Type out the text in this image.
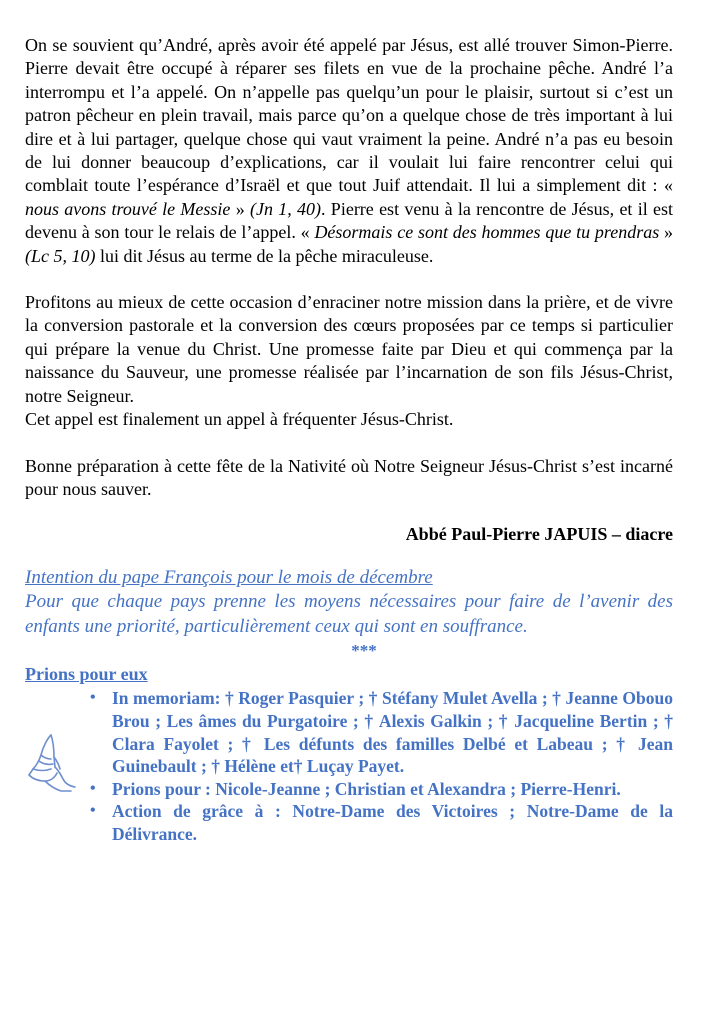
On se souvient qu’André, après avoir été appelé par Jésus, est allé trouver Simon-Pierre. Pierre devait être occupé à réparer ses filets en vue de la prochaine pêche. André l’a interrompu et l’a appelé. On n’appelle pas quelqu’un pour le plaisir, surtout si c’est un patron pêcheur en plein travail, mais parce qu’on a quelque chose de très important à lui dire et à lui partager, quelque chose qui vaut vraiment la peine. André n’a pas eu besoin de lui donner beaucoup d’explications, car il voulait lui faire rencontrer celui qui comblait toute l’espérance d’Israël et que tout Juif attendait. Il lui a simplement dit : « nous avons trouvé le Messie » (Jn 1, 40). Pierre est venu à la rencontre de Jésus, et il est devenu à son tour le relais de l’appel. « Désormais ce sont des hommes que tu prendras » (Lc 5, 10) lui dit Jésus au terme de la pêche miraculeuse.

Profitons au mieux de cette occasion d’enraciner notre mission dans la prière, et de vivre la conversion pastorale et la conversion des cœurs proposées par ce temps si particulier qui prépare la venue du Christ. Une promesse faite par Dieu et qui commença par la naissance du Sauveur, une promesse réalisée par l’incarnation de son fils Jésus-Christ, notre Seigneur.

Cet appel est finalement un appel à fréquenter Jésus-Christ.

Bonne préparation à cette fête de la Nativité où Notre Seigneur Jésus-Christ s’est incarné pour nous sauver.

Abbé Paul-Pierre JAPUIS – diacre
Intention du pape François pour le mois de décembre

Pour que chaque pays prenne les moyens nécessaires pour faire de l’avenir des enfants une priorité, particulièrement ceux qui sont en souffrance.

***
Prions pour eux
• In memoriam: † Roger Pasquier ; † Stéfany Mulet Avella ; † Jeanne Obouo Brou ; Les âmes du Purgatoire ; † Alexis Galkin ; † Jacqueline Bertin ; † Clara Fayolet ; † Les défunts des familles Delbé et Labeau ; † Jean Guinebault ; † Hélène et† Luçay Payet.
• Prions pour : Nicole-Jeanne ; Christian et Alexandra ; Pierre-Henri.
• Action de grâce à : Notre-Dame des Victoires ; Notre-Dame de la Délivrance.
